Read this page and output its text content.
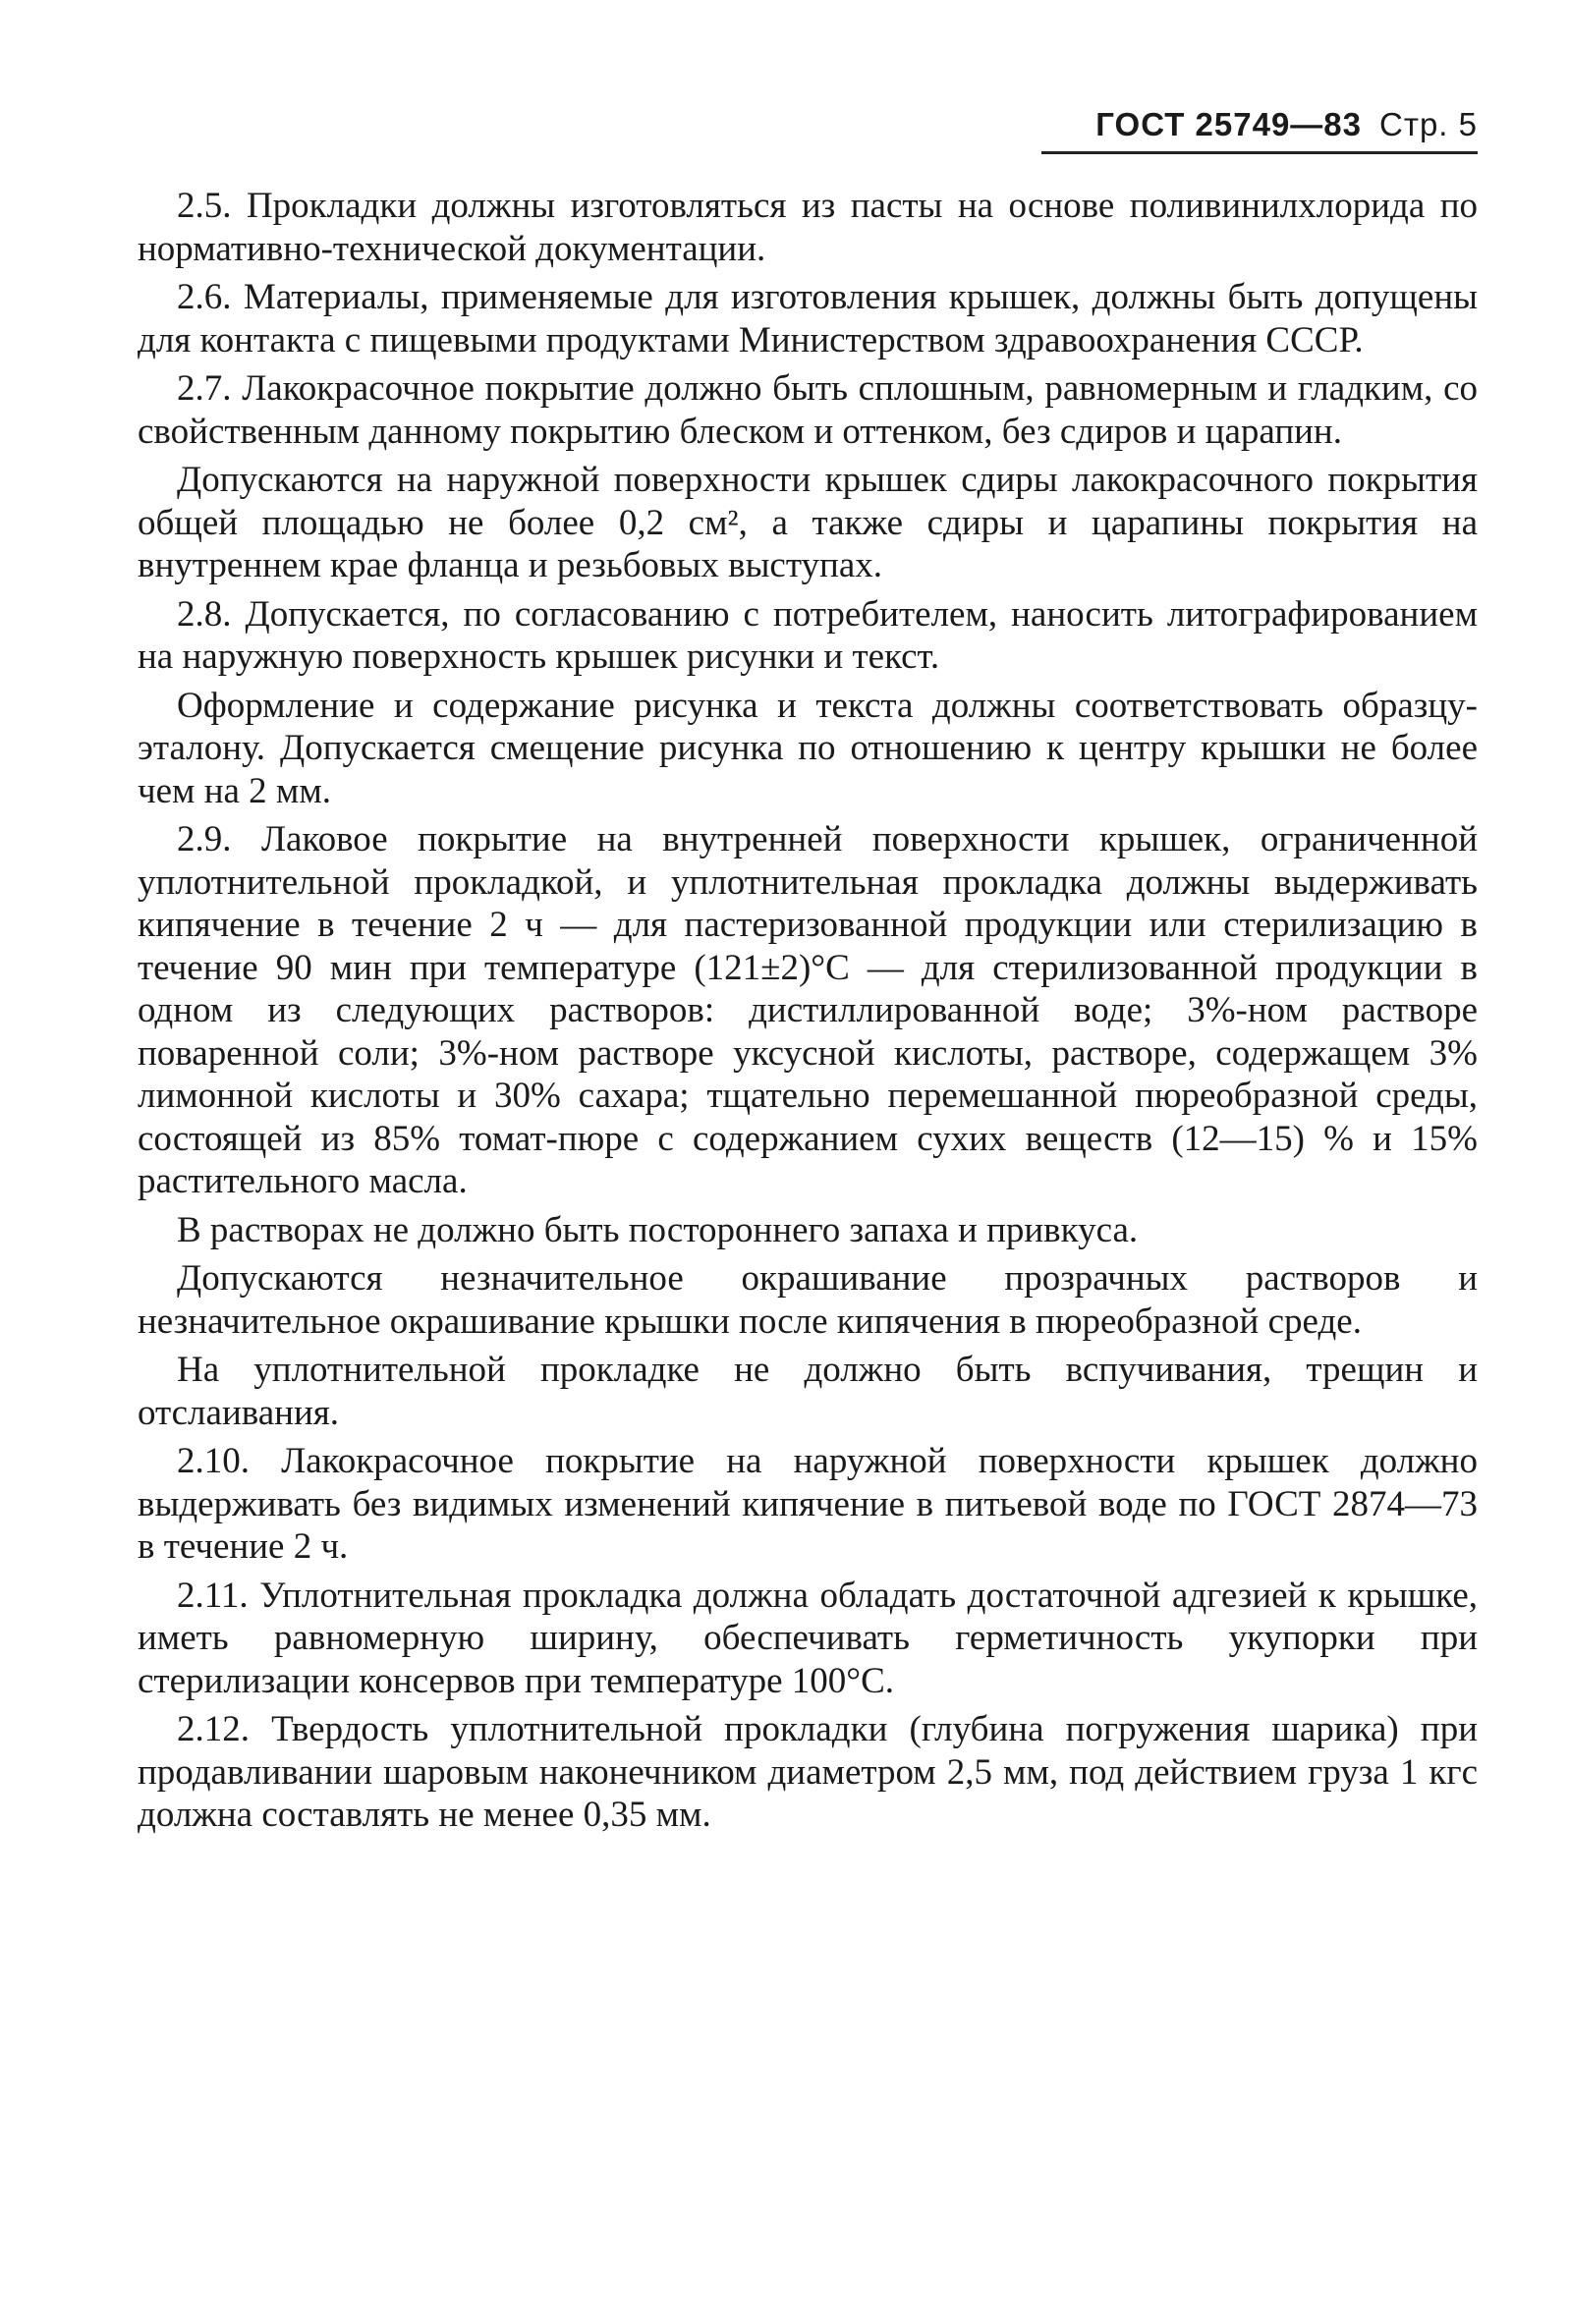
ГОСТ 25749—83 Стр. 5

2.5. Прокладки должны изготовляться из пасты на основе поливинилхлорида по нормативно-технической документации.

2.6. Материалы, применяемые для изготовления крышек, должны быть допущены для контакта с пищевыми продуктами Министерством здравоохранения СССР.

2.7. Лакокрасочное покрытие должно быть сплошным, равномерным и гладким, со свойственным данному покрытию блеском и оттенком, без сдиров и царапин.

Допускаются на наружной поверхности крышек сдиры лакокрасочного покрытия общей площадью не более 0,2 см², а также сдиры и царапины покрытия на внутреннем крае фланца и резьбовых выступах.

2.8. Допускается, по согласованию с потребителем, наносить литографированием на наружную поверхность крышек рисунки и текст.

Оформление и содержание рисунка и текста должны соответствовать образцу-эталону. Допускается смещение рисунка по отношению к центру крышки не более чем на 2 мм.

2.9. Лаковое покрытие на внутренней поверхности крышек, ограниченной уплотнительной прокладкой, и уплотнительная прокладка должны выдерживать кипячение в течение 2 ч — для пастеризованной продукции или стерилизацию в течение 90 мин при температуре (121±2)°С — для стерилизованной продукции в одном из следующих растворов: дистиллированной воде; 3%-ном растворе поваренной соли; 3%-ном растворе уксусной кислоты, растворе, содержащем 3% лимонной кислоты и 30% сахара; тщательно перемешанной пюреобразной среды, состоящей из 85% томат-пюре с содержанием сухих веществ (12—15) % и 15% растительного масла.

В растворах не должно быть постороннего запаха и привкуса.

Допускаются незначительное окрашивание прозрачных растворов и незначительное окрашивание крышки после кипячения в пюреобразной среде.

На уплотнительной прокладке не должно быть вспучивания, трещин и отслаивания.

2.10. Лакокрасочное покрытие на наружной поверхности крышек должно выдерживать без видимых изменений кипячение в питьевой воде по ГОСТ 2874—73 в течение 2 ч.

2.11. Уплотнительная прокладка должна обладать достаточной адгезией к крышке, иметь равномерную ширину, обеспечивать герметичность укупорки при стерилизации консервов при температуре 100°С.

2.12. Твердость уплотнительной прокладки (глубина погружения шарика) при продавливании шаровым наконечником диаметром 2,5 мм, под действием груза 1 кгс должна составлять не менее 0,35 мм.
